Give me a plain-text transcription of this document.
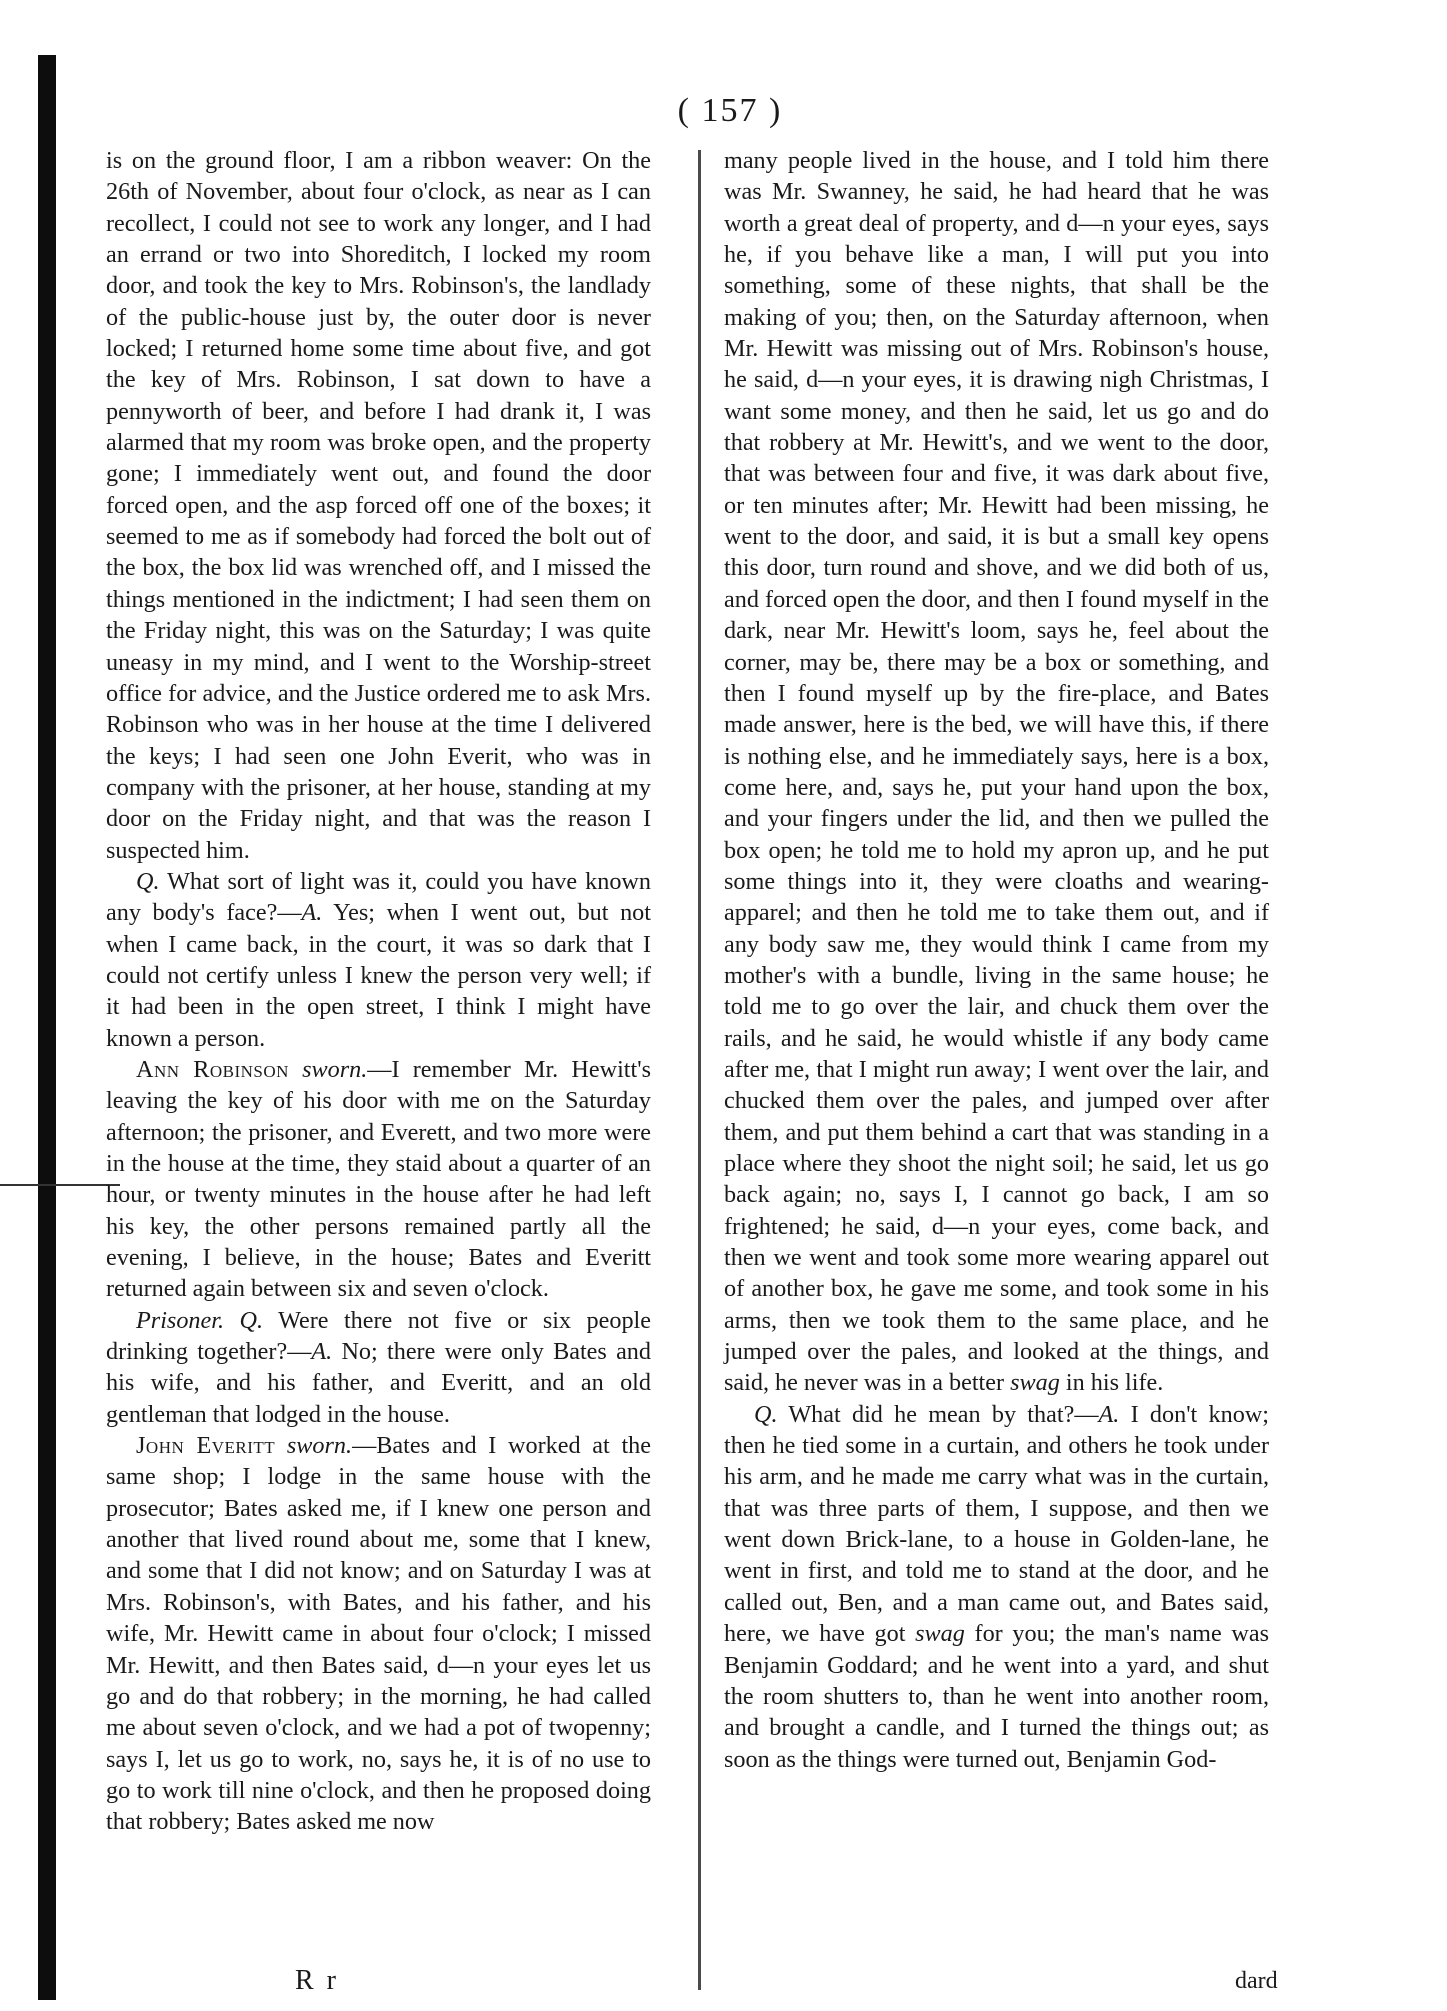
( 157 )

is on the ground floor, I am a ribbon weaver: On the 26th of November, about four o'clock, as near as I can recollect, I could not see to work any longer, and I had an errand or two into Shoreditch, I locked my room door, and took the key to Mrs. Robinson's, the landlady of the public-house just by, the outer door is never locked; I returned home some time about five, and got the key of Mrs. Robinson, I sat down to have a pennyworth of beer, and before I had drank it, I was alarmed that my room was broke open, and the property gone; I immediately went out, and found the door forced open, and the asp forced off one of the boxes; it seemed to me as if somebody had forced the bolt out of the box, the box lid was wrenched off, and I missed the things mentioned in the indictment; I had seen them on the Friday night, this was on the Saturday; I was quite uneasy in my mind, and I went to the Worship-street office for advice, and the Justice ordered me to ask Mrs. Robinson who was in her house at the time I delivered the keys; I had seen one John Everit, who was in company with the prisoner, at her house, standing at my door on the Friday night, and that was the reason I suspected him.

Q. What sort of light was it, could you have known any body's face?—A. Yes; when I went out, but not when I came back, in the court, it was so dark that I could not certify unless I knew the person very well; if it had been in the open street, I think I might have known a person.

Ann Robinson sworn.—I remember Mr. Hewitt's leaving the key of his door with me on the Saturday afternoon; the prisoner, and Everett, and two more were in the house at the time, they staid about a quarter of an hour, or twenty minutes in the house after he had left his key, the other persons remained partly all the evening, I believe, in the house; Bates and Everitt returned again between six and seven o'clock.

Prisoner. Q. Were there not five or six people drinking together?—A. No; there were only Bates and his wife, and his father, and Everitt, and an old gentleman that lodged in the house.

John Everitt sworn.—Bates and I worked at the same shop; I lodge in the same house with the prosecutor; Bates asked me, if I knew one person and another that lived round about me, some that I knew, and some that I did not know; and on Saturday I was at Mrs. Robinson's, with Bates, and his father, and his wife, Mr. Hewitt came in about four o'clock; I missed Mr. Hewitt, and then Bates said, d—n your eyes let us go and do that robbery; in the morning, he had called me about seven o'clock, and we had a pot of twopenny; says I, let us go to work, no, says he, it is of no use to go to work till nine o'clock, and then he proposed doing that robbery; Bates asked me now

many people lived in the house, and I told him there was Mr. Swanney, he said, he had heard that he was worth a great deal of property, and d—n your eyes, says he, if you behave like a man, I will put you into something, some of these nights, that shall be the making of you; then, on the Saturday afternoon, when Mr. Hewitt was missing out of Mrs. Robinson's house, he said, d—n your eyes, it is drawing nigh Christmas, I want some money, and then he said, let us go and do that robbery at Mr. Hewitt's, and we went to the door, that was between four and five, it was dark about five, or ten minutes after; Mr. Hewitt had been missing, he went to the door, and said, it is but a small key opens this door, turn round and shove, and we did both of us, and forced open the door, and then I found myself in the dark, near Mr. Hewitt's loom, says he, feel about the corner, may be, there may be a box or something, and then I found myself up by the fire-place, and Bates made answer, here is the bed, we will have this, if there is nothing else, and he immediately says, here is a box, come here, and, says he, put your hand upon the box, and your fingers under the lid, and then we pulled the box open; he told me to hold my apron up, and he put some things into it, they were cloaths and wearing-apparel; and then he told me to take them out, and if any body saw me, they would think I came from my mother's with a bundle, living in the same house; he told me to go over the lair, and chuck them over the rails, and he said, he would whistle if any body came after me, that I might run away; I went over the lair, and chucked them over the pales, and jumped over after them, and put them behind a cart that was standing in a place where they shoot the night soil; he said, let us go back again; no, says I, I cannot go back, I am so frightened; he said, d—n your eyes, come back, and then we went and took some more wearing apparel out of another box, he gave me some, and took some in his arms, then we took them to the same place, and he jumped over the pales, and looked at the things, and said, he never was in a better swag in his life.

Q. What did he mean by that?—A. I don't know; then he tied some in a curtain, and others he took under his arm, and he made me carry what was in the curtain, that was three parts of them, I suppose, and then we went down Brick-lane, to a house in Golden-lane, he went in first, and told me to stand at the door, and he called out, Ben, and a man came out, and Bates said, here, we have got swag for you; the man's name was Benjamin Goddard; and he went into a yard, and shut the room shutters to, than he went into another room, and brought a candle, and I turned the things out; as soon as the things were turned out, Benjamin God-

R r	dard
